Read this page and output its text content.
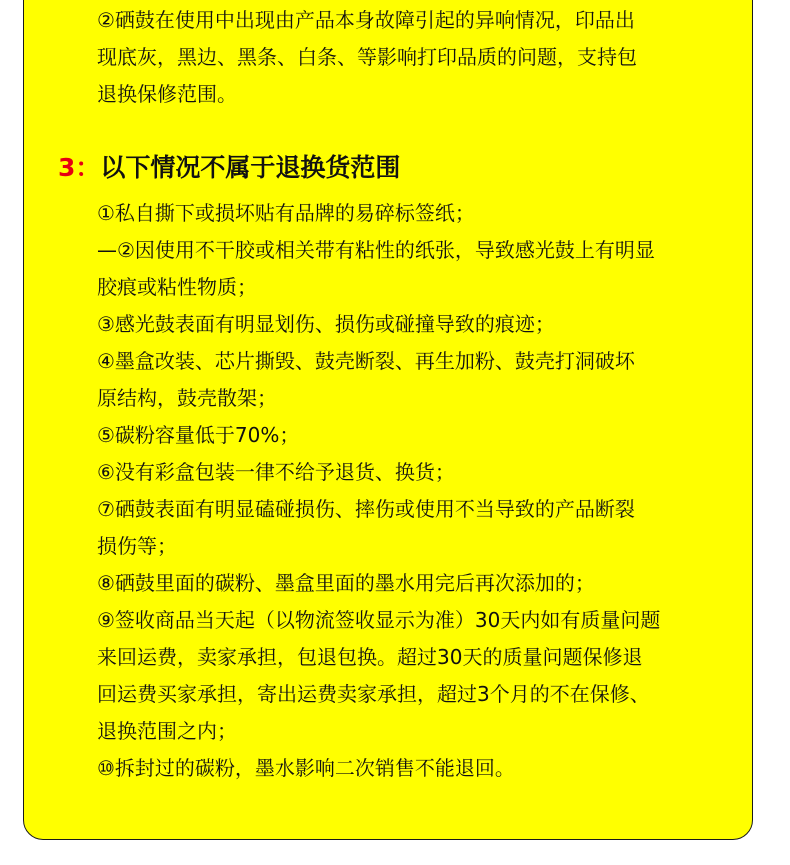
②硒鼓在使用中出现由产品本身故障引起的异响情况，印品出

现底灰，黑边、黑条、白条、等影响打印品质的问题，支持包

退换保修范围。

3：以下情况不属于退换货范围

①私自撕下或损坏贴有品牌的易碎标签纸；

—②因使用不干胶或相关带有粘性的纸张，导致感光鼓上有明显

胶痕或粘性物质；

③感光鼓表面有明显划伤、损伤或碰撞导致的痕迹；

④墨盒改装、芯片撕毁、鼓壳断裂、再生加粉、鼓壳打洞破坏

原结构，鼓壳散架；

⑤碳粉容量低于70%；

⑥没有彩盒包装一律不给予退货、换货；

⑦硒鼓表面有明显磕碰损伤、摔伤或使用不当导致的产品断裂

损伤等；

⑧硒鼓里面的碳粉、墨盒里面的墨水用完后再次添加的；

⑨签收商品当天起（以物流签收显示为准）30天内如有质量问题

来回运费，卖家承担，包退包换。超过30天的质量问题保修退

回运费买家承担，寄出运费卖家承担，超过3个月的不在保修、

退换范围之内；

⑩拆封过的碳粉，墨水影响二次销售不能退回。
